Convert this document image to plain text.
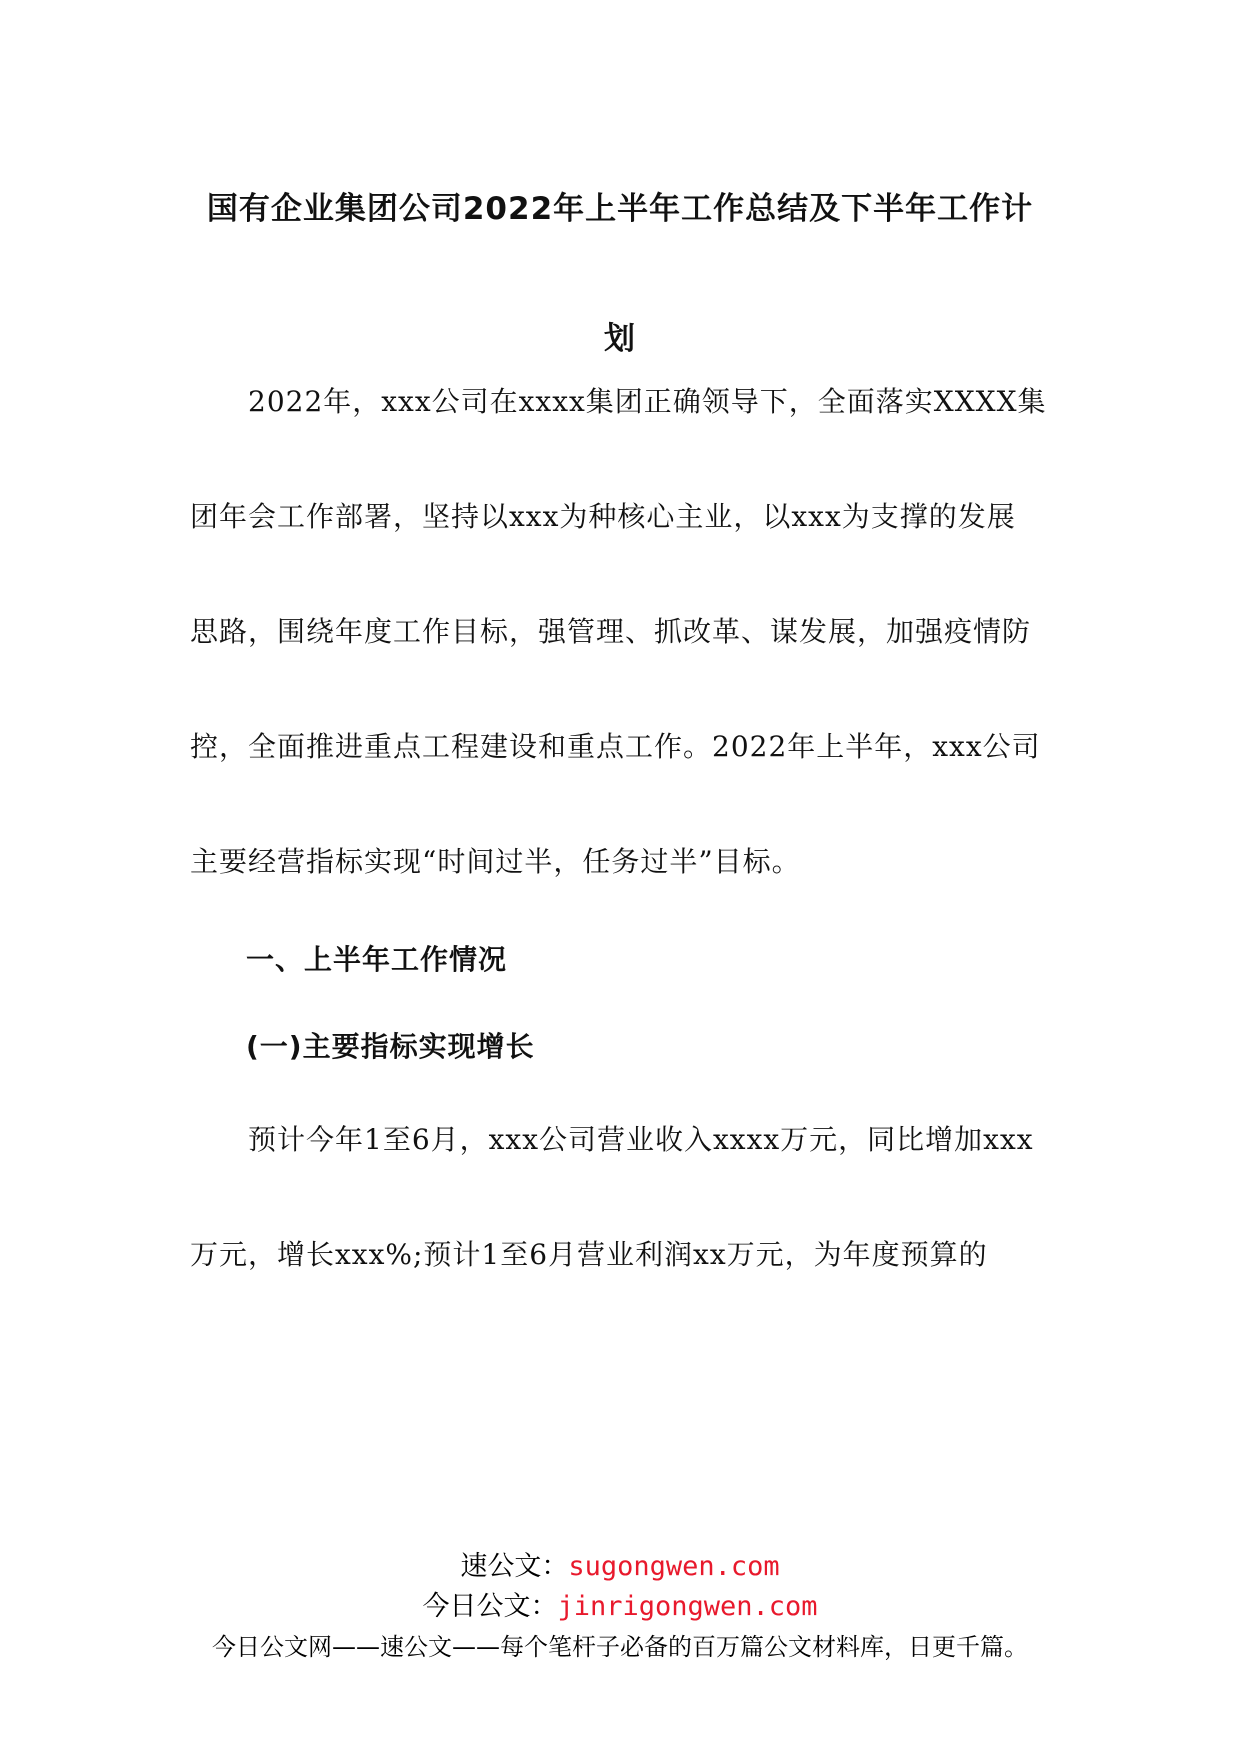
国有企业集团公司2022年上半年工作总结及下半年工作计
划
　　2022年，xxx公司在xxxx集团正确领导下，全面落实XXXX集
团年会工作部署，坚持以xxx为种核心主业，以xxx为支撑的发展
思路，围绕年度工作目标，强管理、抓改革、谋发展，加强疫情防
控，全面推进重点工程建设和重点工作。2022年上半年，xxx公司
主要经营指标实现“时间过半，任务过半”目标。
一、上半年工作情况
(一)主要指标实现增长
　　预计今年1至6月，xxx公司营业收入xxxx万元，同比增加xxx
万元，增长xxx%;预计1至6月营业利润xx万元，为年度预算的
速公文：sugongwen.com
今日公文：jinrigongwen.com
今日公文网——速公文——每个笔杆子必备的百万篇公文材料库，日更千篇。
